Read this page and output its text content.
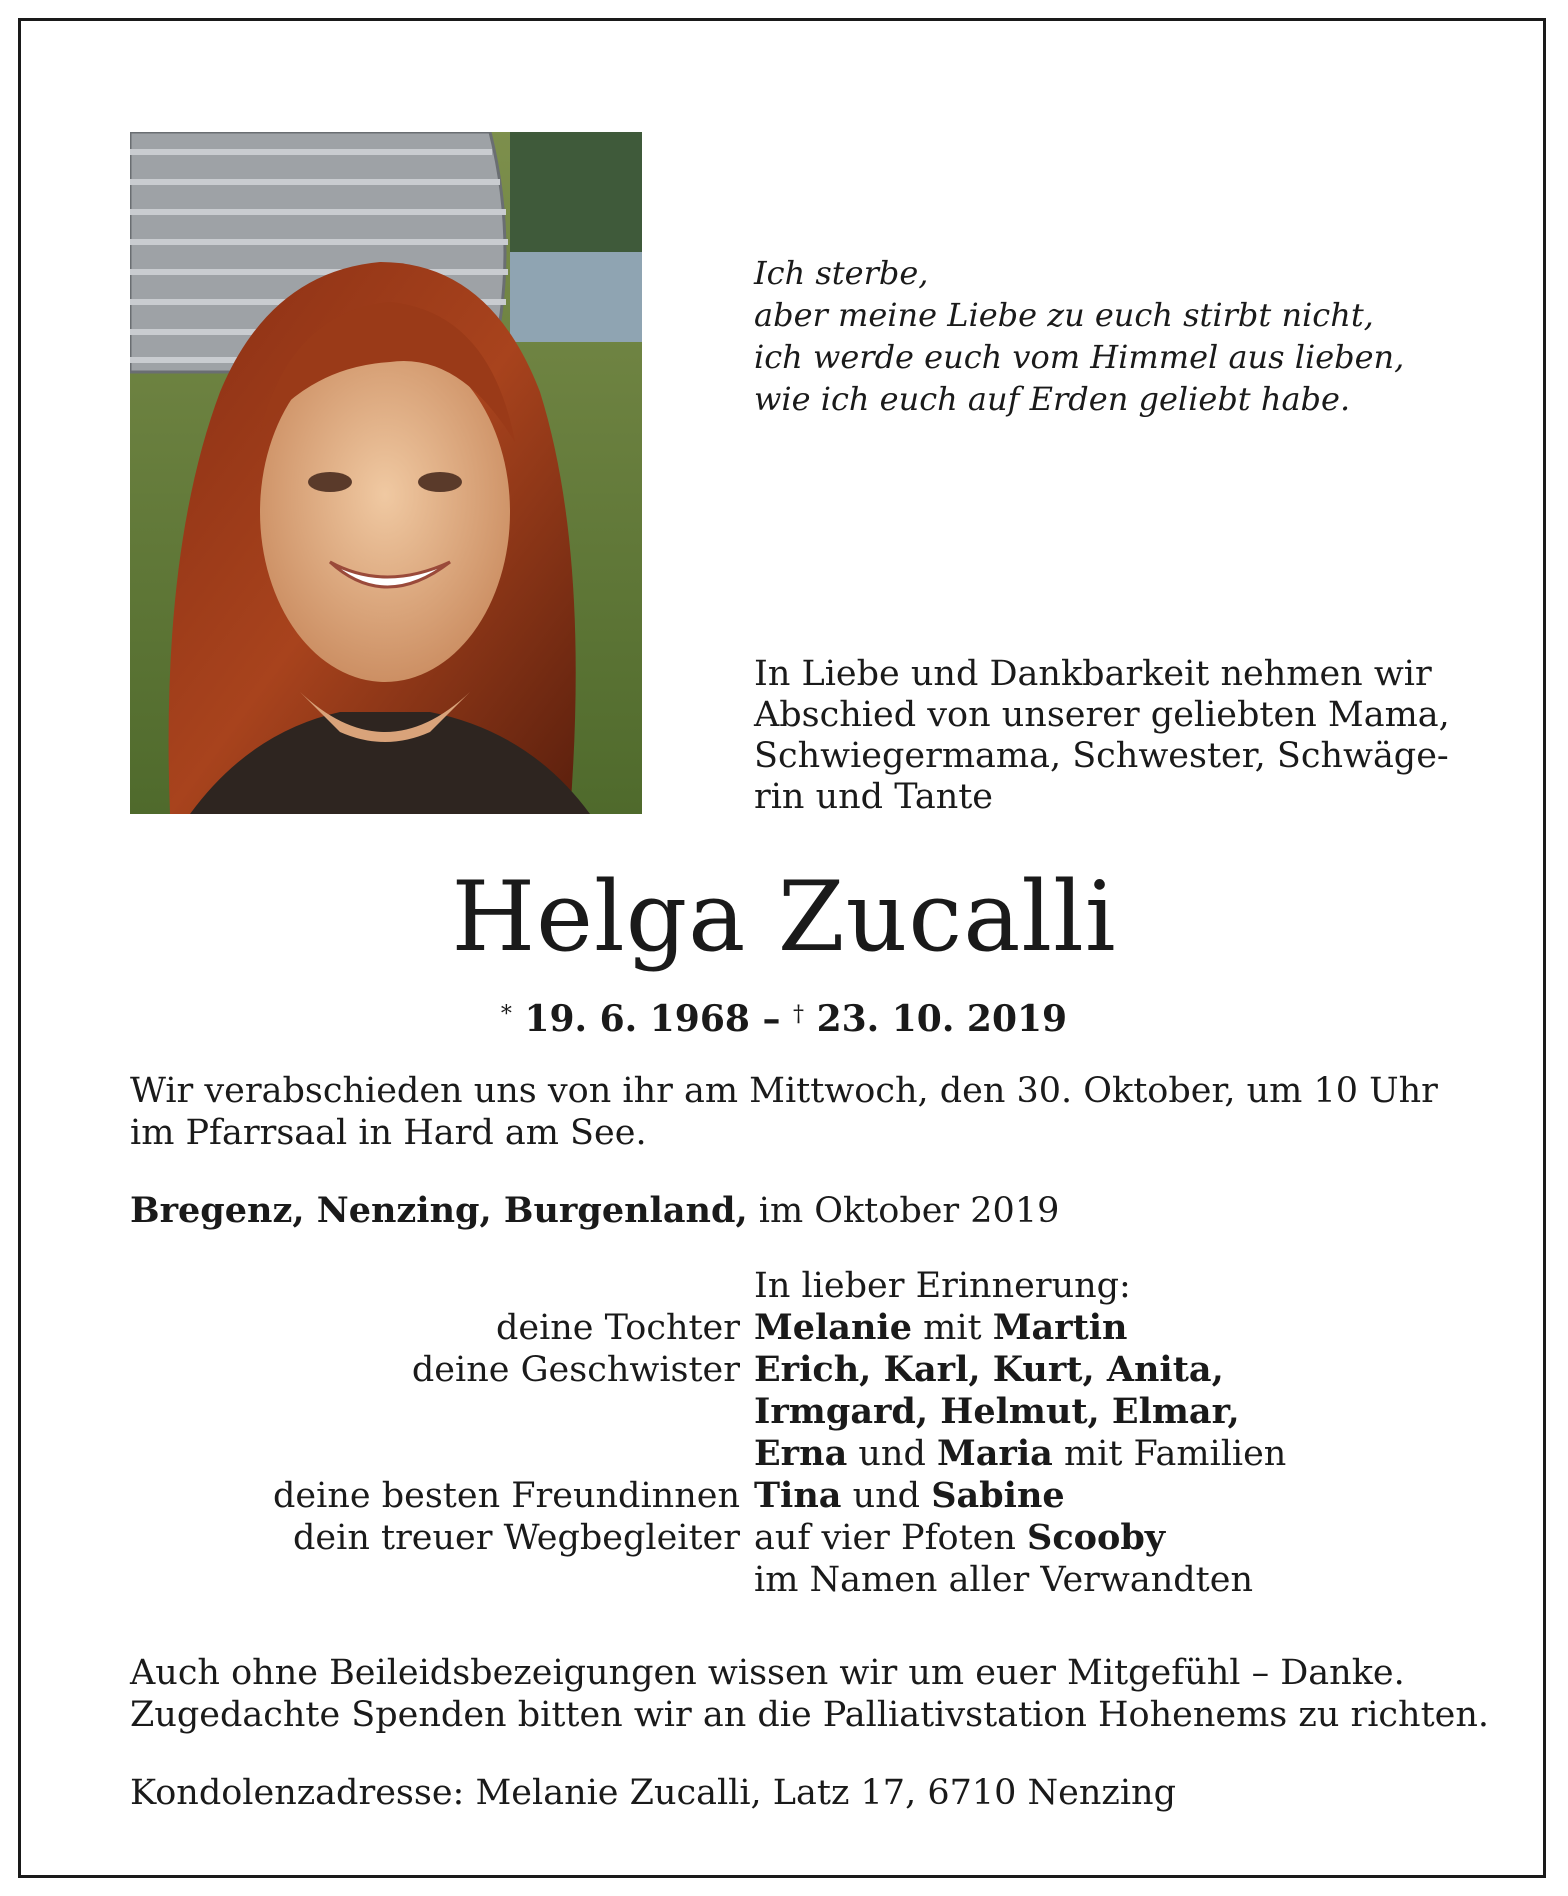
Ich sterbe,
aber meine Liebe zu euch stirbt nicht,
ich werde euch vom Himmel aus lieben,
wie ich euch auf Erden geliebt habe.
In Liebe und Dankbarkeit nehmen wir
Abschied von unserer geliebten Mama,
Schwiegermama, Schwester, Schwäge-
rin und Tante
Helga Zucalli
* 19. 6. 1968 – † 23. 10. 2019
Wir verabschieden uns von ihr am Mittwoch, den 30. Oktober, um 10 Uhr
im Pfarrsaal in Hard am See.
Bregenz, Nenzing, Burgenland, im Oktober 2019
In lieber Erinnerung:
deine Tochter Melanie mit Martin
deine Geschwister Erich, Karl, Kurt, Anita,
Irmgard, Helmut, Elmar,
Erna und Maria mit Familien
deine besten Freundinnen Tina und Sabine
dein treuer Wegbegleiter auf vier Pfoten Scooby
im Namen aller Verwandten
Auch ohne Beileidsbezeigungen wissen wir um euer Mitgefühl – Danke.
Zugedachte Spenden bitten wir an die Palliativstation Hohenems zu richten.
Kondolenzadresse: Melanie Zucalli, Latz 17, 6710 Nenzing
